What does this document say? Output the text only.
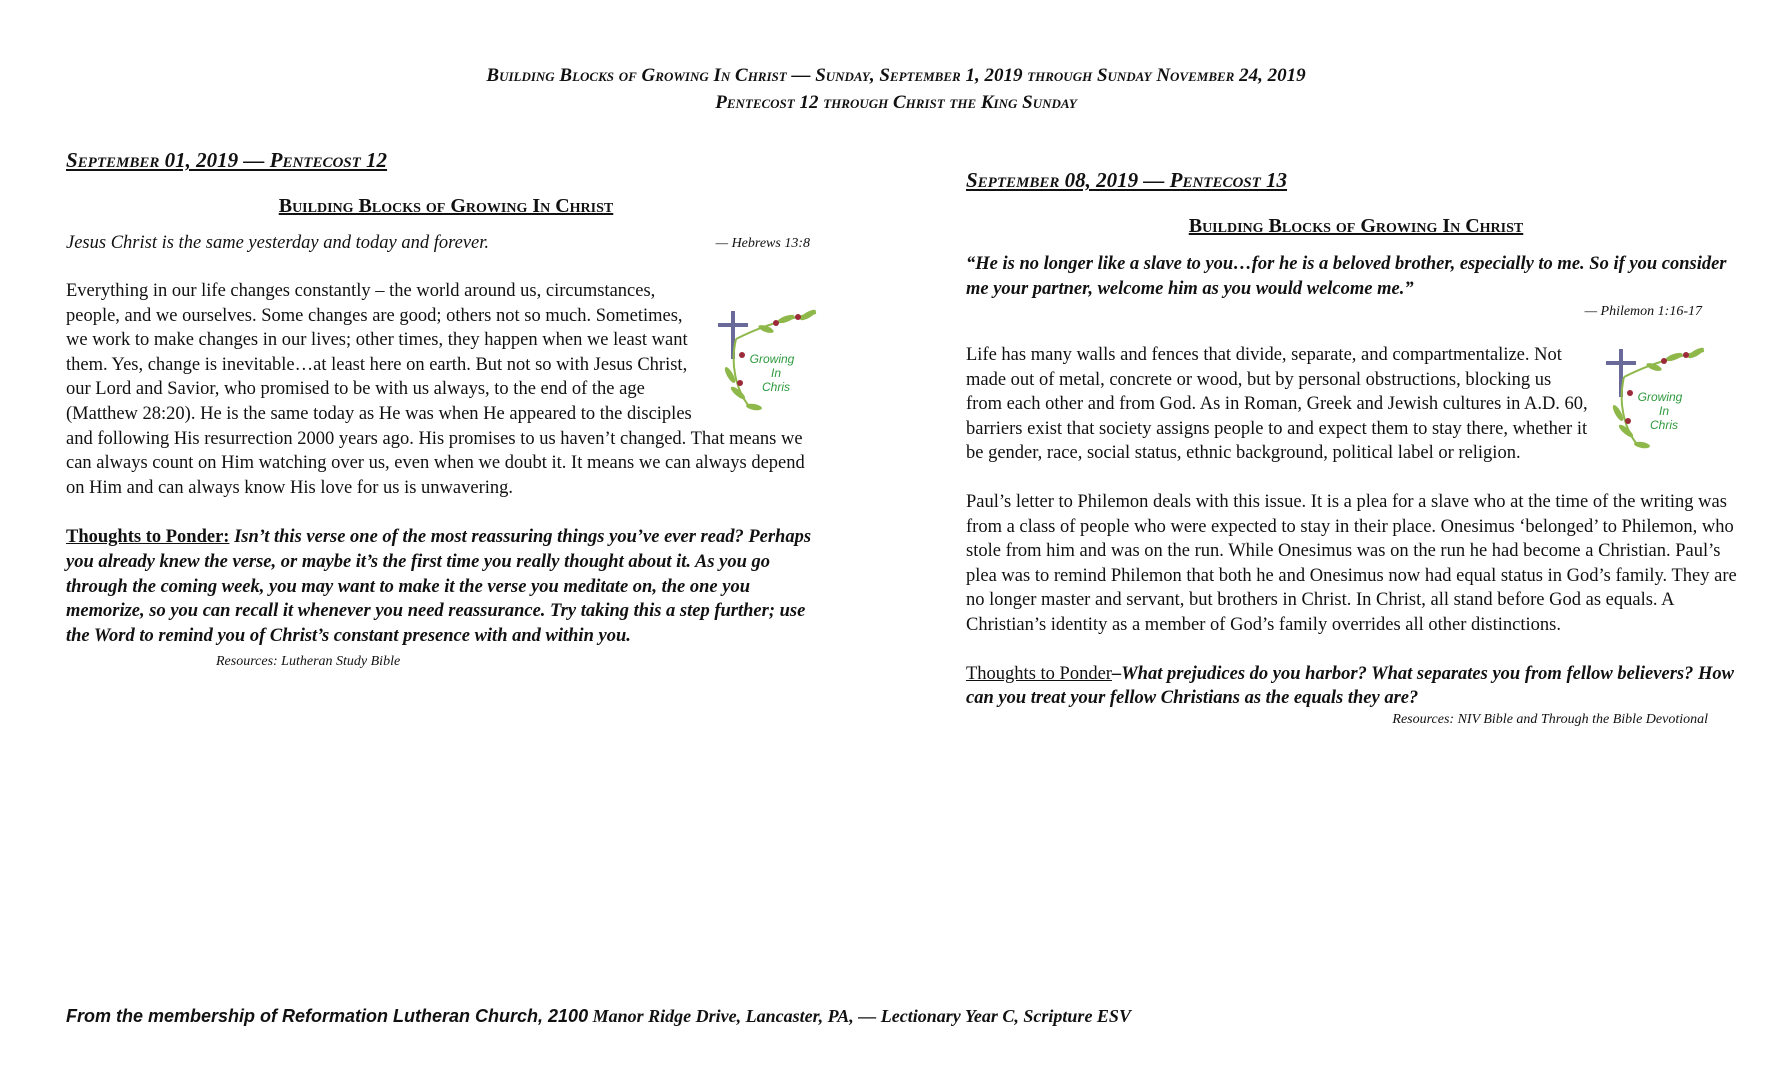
Building Blocks of Growing In Christ — Sunday, September 1, 2019 through Sunday November 24, 2019
Pentecost 12 through Christ the King Sunday

September 01, 2019 — Pentecost 12

Building Blocks of Growing In Christ

Jesus Christ is the same yesterday and today and forever.	— Hebrews 13:8

Growing
In
Chris
Everything in our life changes constantly – the world around us, circumstances, people, and we ourselves. Some changes are good; others not so much. Sometimes, we work to make changes in our lives; other times, they happen when we least want them. Yes, change is inevitable…at least here on earth. But not so with Jesus Christ, our Lord and Savior, who promised to be with us always, to the end of the age (Matthew 28:20). He is the same today as He was when He appeared to the disciples and following His resurrection 2000 years ago. His promises to us haven’t changed. That means we can always count on Him watching over us, even when we doubt it. It means we can always depend on Him and can always know His love for us is unwavering.

Thoughts to Ponder: Isn’t this verse one of the most reassuring things you’ve ever read? Perhaps you already knew the verse, or maybe it’s the first time you really thought about it. As you go through the coming week, you may want to make it the verse you meditate on, the one you memorize, so you can recall it whenever you need reassurance. Try taking this a step further; use the Word to remind you of Christ’s constant presence with and within you. Resources: Lutheran Study Bible

September 08, 2019 — Pentecost 13

Building Blocks of Growing In Christ

“He is no longer like a slave to you…for he is a beloved brother, especially to me. So if you consider me your partner, welcome him as you would welcome me.”

— Philemon 1:16-17

Growing
In
Chris
Life has many walls and fences that divide, separate, and compartmentalize. Not made out of metal, concrete or wood, but by personal obstructions, blocking us from each other and from God. As in Roman, Greek and Jewish cultures in A.D. 60, barriers exist that society assigns people to and expect them to stay there, whether it be gender, race, social status, ethnic background, political label or religion.

Paul’s letter to Philemon deals with this issue. It is a plea for a slave who at the time of the writing was from a class of people who were expected to stay in their place. Onesimus ‘belonged’ to Philemon, who stole from him and was on the run. While Onesimus was on the run he had become a Christian. Paul’s plea was to remind Philemon that both he and Onesimus now had equal status in God’s family. They are no longer master and servant, but brothers in Christ. In Christ, all stand before God as equals. A Christian’s identity as a member of God’s family overrides all other distinctions.

Thoughts to Ponder–What prejudices do you harbor? What separates you from fellow believers? How can you treat your fellow Christians as the equals they are?

Resources: NIV Bible and Through the Bible Devotional
From the membership of Reformation Lutheran Church, 2100 Manor Ridge Drive, Lancaster, PA, — Lectionary Year C, Scripture ESV
